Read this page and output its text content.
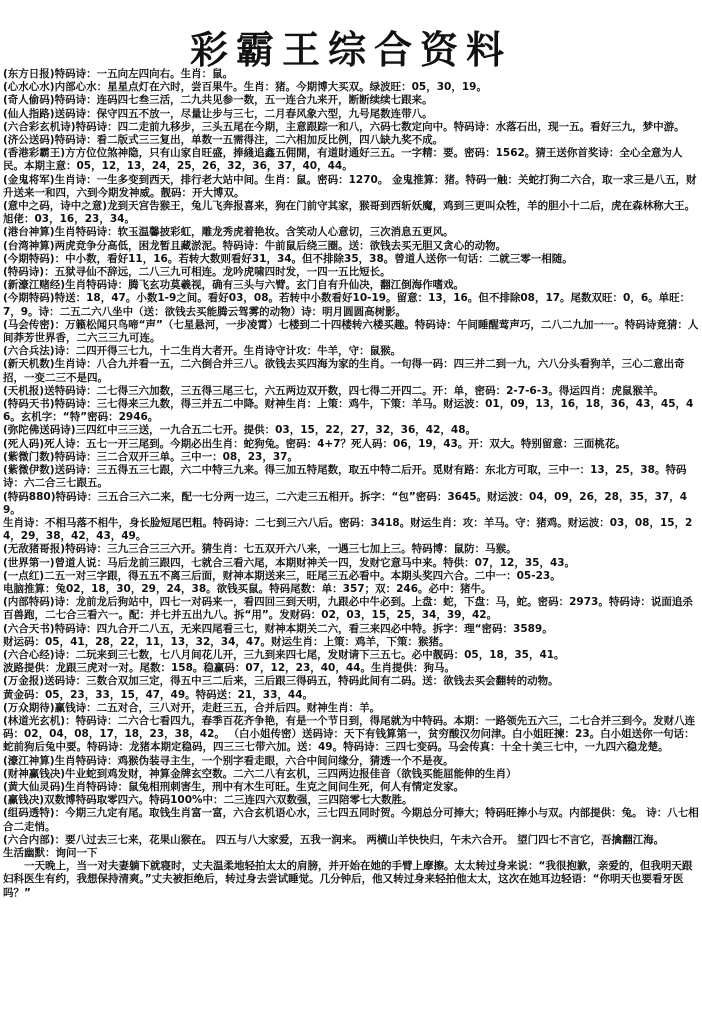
彩霸王综合资料

(东方日报)特码诗：一五向左四向右。生肖：鼠。

(心水心水)内部心水：星星点灯在六时，尝百果牛。生肖：猪。今期博大买双。绿波旺：05，30，19。

(奇人偷码)特码诗：连码四七叁三活，二九共见参一数，五一连合九来开，断断续续七跟来。

(仙人指路)送码诗：保守四五不放一，尽量让步与三七，二月春风象六型，九号尾数连带八。

(六合彩玄机诗)特码诗：四二走前九移步，三头五尾在今期，主意跟踪一和八，六码七数定向中。特码诗：水落石出，现一五。看好三九，梦中游。

(济公送码)特码诗：看二版式三三复出，单数一五需得注，二六相加反比例，四八缺九奖不成。

(香港彩霸王)方方位位煞神隐，只有山家自旺盛，捧綫追鑫五佣開，有道財通好三五。一字精：要。密码：1562。猜王送你首奖诗：全心全意为人民。本期主意：05，12，13，24，25，26，32，36，37，40，44。

(金鬼将军)生肖诗：一生多变到西天，排行老大站中间。生肖：鼠。密码：1270。 金鬼推算：猪。特码一触：关蛇打狗二六合，取一求三是八五，财升送来一和四，六到今期发神威。靓码：开大博双。

(意中之码，诗中之意)龙到天宫告猴王，兔儿飞奔报喜来，狗在门前守其家，猴哥到西斩妖魔，鸡到三更叫众牲，羊的胆小十二后，虎在森林称大王。旭佬：03，16，23，34。

(港台神算)生肖特码诗：软玉温馨披彩虹，雕龙秀虎着艳妆。含笑动人心意切，三次消息五更风。

(台湾神算)两虎竞争分高低，困龙暂且藏淤泥。特码诗：牛前鼠后绕三圈。送：欲钱去买无胆又贪心的动物。

(今期特码)：中小数，看好11，16。若转大数则看好31，34。但不排除35，38。曾道人送你一句话：二就三零一相随。

(特码诗)：五狱寻仙不辞远，二八三九可相连。龙吟虎啸四时发，一四一五比短长。

(新濠江赌经)生肖特码诗：腾飞玄功莫羲视，确有三头与六臂。玄门自有升仙决，翻江倒海作嗜戏。

(今期特码)特送：18，47。小数1-9之间。看好03，08。若转中小数看好10-19。留意：13，16。但不排除08，17。尾数双旺：0，6。单旺：7，9。诗：二五二六八坐中（送：欲钱去买能腾云驾雾的动物）诗：明月圆圆高树影。

(马会传密)：万籁松闻只鸟啼“声”（七星悬河，一步凌霄）七楼到二十四楼转六楼买趣。特码诗：午间睡醒莺声巧，二八二九加一一。特码诗竟猜：人间莽芳世界香，二六三三九可连。

(六合兵法)诗：二四开得三七九，十二生肖大者开。生肖诗守计攻：牛羊，守：鼠猴。

(新天机数)生肖诗：八合九并看一五，二六倒合并三八。欲钱去买四海为家的生肖。一句得一码：四三并二到一九，六八分头看狗羊，三心二意出奇招，一变二三不是四。

(天机报)送特码诗：二七得三六加数，三五得三尾三七，六五两边双开数，四七得二开四二。开：单，密码：2-7-6-3。得运四肖：虎鼠猴羊。

(特码天书)特码诗：三七得来三九数，得三并五二中降。财神生肖：上策：鸡牛，下策：羊马。财运波：01，09，13，16，18，36，43，45，46。玄机字：“特”密码：2946。

(弥陀佛送码诗)三四红中三三送，一九合五二七开。提供：03，15，22，27，32，36，42，48。

(死人码)死人诗：五七一开三尾到。今期必出生肖：蛇狗兔。密码：4+7？死人码：06，19，43。开：双大。特别留意：三面桃花。

(紫微门数)特码诗：三二合双开三单。三中一：08，23，37。

(紫微伊数)送码诗：三五得五三七跟，六二中特三九来。得三加五特尾数，取五中特二后开。觅财有路：东北方可取，三中一：13，25，38。特码诗：六二合三七跟五。

(特码880)特码诗：三五合三六二来，配一七分两一边三，二六走三五相开。拆字：“包”密码：3645。财运波：04，09，26，28，35，37，49。

生肖诗：不相马落不相牛，身长脸短尾巴粗。特码诗：二七到三六八后。密码：3418。财运生肖：攻：羊马。守：猪鸡。财运波：03，08，15，24，29，38，42，43，49。

(无敌猪哥报)特码诗：三九三合三三六开。猜生肖：七五双开六八来，一遇三七加上三。特码博：鼠防：马猴。

(世界第一)曾道人说：马后龙前三跟四，七就合三看六尾，本期财神关一四，发财它意马中来。特供：07，12，35，43。

(一点红)二五一对三字跟，得五五不离三后面，财神本期送来三，旺尾三五必看中。本期头奖四六合。二中一：05-23。

电脑推算：兔02，18，30，29，24，38。欲钱买鼠。特码尾数：单：357；双：246。必中：猪牛。

(内部特码)诗：龙前龙后狗站中，四七一对码来一，看四回三到天明，九跟必中牛必到。上盘：蛇，下盘：马，蛇。密码：2973。特码诗：说面追杀百兽跑，二七合三看六一。配：并七并五出九八。拆“用”。发财码：02，03，15，25，34，39，42。

(六合天书)特码诗：四九合开二八五，无来四尾看三七，财神本期关二六，看三来四必中特。拆字：理“密码：3589。

财运码：05，41，28，22，11，13，32，34，47。财运生肖：上策：鸡羊，下策：猴猪。

(六合心经)诗：二玩来到三七数，七八月间花儿开，三九到来四七尾，发财请下三五七。必中靓码：05，18，35，41。

波路提供：龙跟三虎对一对。尾数：158。稳赢码：07，12，23，40，44。生肖提供：狗马。

(万金报)送码诗：三数合双加三定，得五中三二后来，三后跟三得码五，特码此间有二码。送：欲钱去买会翻转的动物。

黄金码：05，23，33，15，47，49。特码送：21，33，44。

(万众期待)赢钱诗：二五对合，三八对开，走赶三五，合并后四。财神生肖：羊。

(林道光玄机)：特码诗：二六合七看四九，春季百花齐争艳，有是一个节日到，得尾就为中特码。本期：一路领先五六三，二七合并三到今。发财八连码：02，04，08，17，18，23，38，42。 （白小姐传密）送码诗：天下有钱算第一，贫穷酸汉勿问津。白小姐旺揀：23。白小姐送你一句话：蛇前狗后兔中要。特码诗：龙猪本期定稳码，四三三七带六加。送：49。特码诗：三四七变码。马会传真：十全十美三七中，一九四六稳龙楚。

(濠江神算)生肖特码诗：鸡猴伪装寻主生，一个别字看走眼，六合中间问缘分，猜透一个不是夜。

(财神赢钱决)牛业蛇到鸡发财，神算金牌玄空数。二六二八有玄机，三四两边报佳音（欲钱买能屈能伸的生肖）

(黄大仙灵码)生肖特码诗：鼠兔相刑刺害生，刑中有木生可旺。生克之间问生死，何人有情定发家。

(赢钱决)双数博特码取零四六。特码100%中：二三连四六双数强，三四陪零七大数胜。

(组码透特)：今期三九定有尾。取钱生肖富一富，六合玄机语心水，三七四五同时贺。今期总分可捧大；特码旺捧小与双。内部提供：兔。 诗：八七相合二走悄。

(六合内部)：要八过去三七来，花果山猴在。 四五与八大家爱，五我一润来。 两横山羊快快归，午未六合开。 望门四七不言它，吾擒翻江海。

生活幽默：询问一下

一天晚上，当一对夫妻躺下就寝时，丈夫温柔地轻拍太太的肩膀，并开始在她的手臂上摩擦。太太转过身来说：“我很抱歉，亲爱的，但我明天跟妇科医生有约，我想保持清爽。”丈夫被拒绝后，转过身去尝试睡觉。几分钟后，他又转过身来轻拍他太太，这次在她耳边轻语：“你明天也要看牙医吗？”
